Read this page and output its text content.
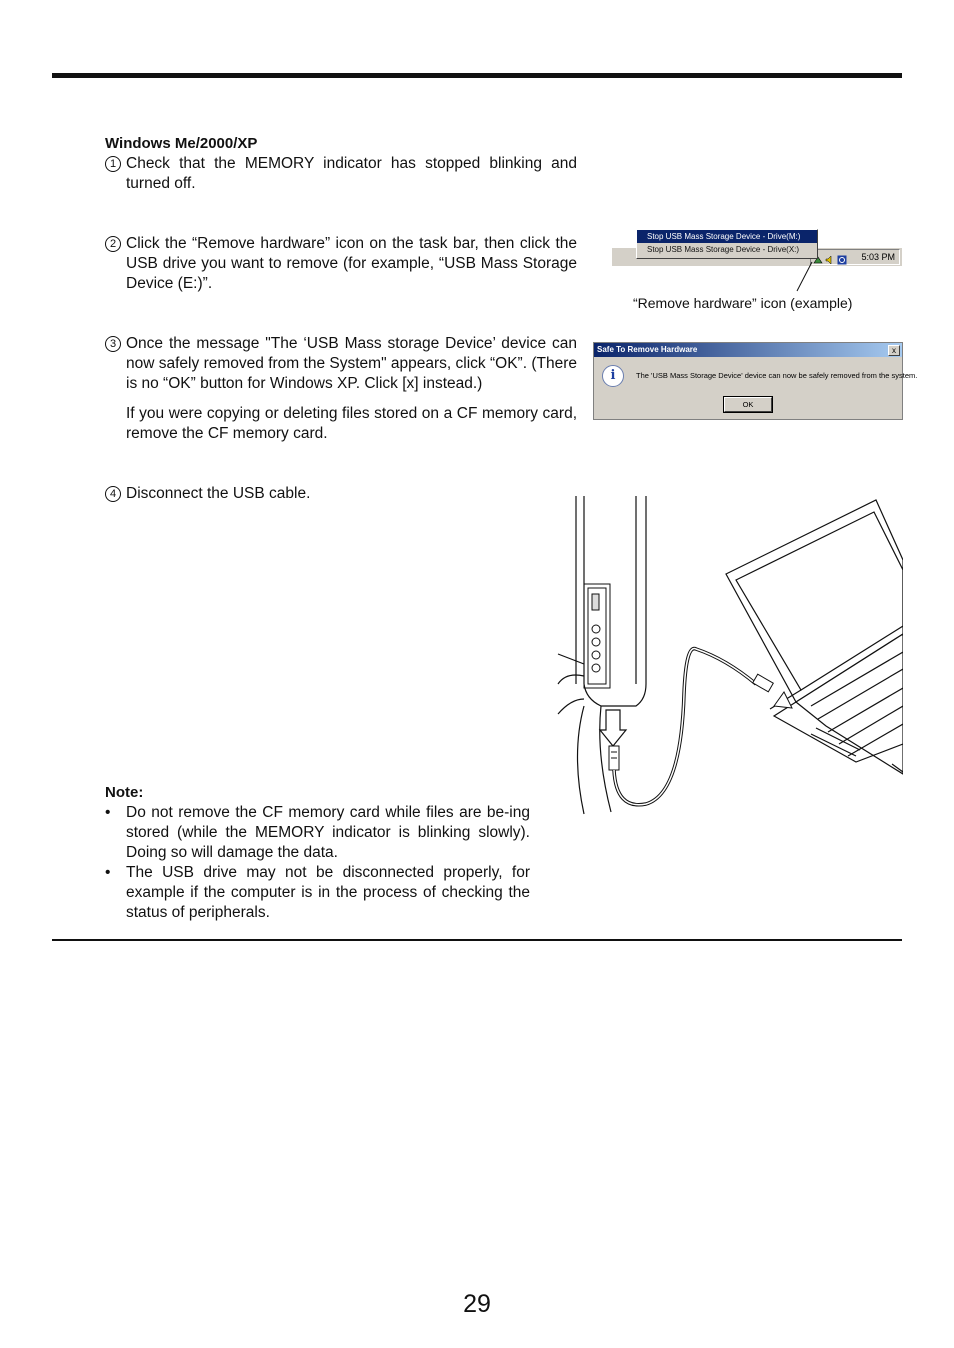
Windows Me/2000/XP
1 Check that the MEMORY indicator has stopped blinking and turned off.
2 Click the “Remove hardware” icon on the task bar, then click the USB drive you want to remove (for example, “USB Mass Storage Device (E:)”.
3 Once the message "The ‘USB Mass storage Device’ device can now safely removed from the System" appears, click “OK”. (There is no “OK” button for Windows XP. Click [x] instead.)
If you were copying or deleting files stored on a CF memory card, remove the CF memory card.
4 Disconnect the USB cable.
5:03 PM
Stop USB Mass Storage Device - Drive(M:)
Stop USB Mass Storage Device - Drive(X:)
“Remove hardware” icon (example)
Safe To Remove Hardware	x
i	The 'USB Mass Storage Device' device can now be safely removed from the system.
OK
Note:
• Do not remove the CF memory card while files are be-ing stored (while the MEMORY indicator is blinking slowly). Doing so will damage the data.
• The USB drive may not be disconnected properly, for example if the computer is in the process of checking the status of peripherals.
29
